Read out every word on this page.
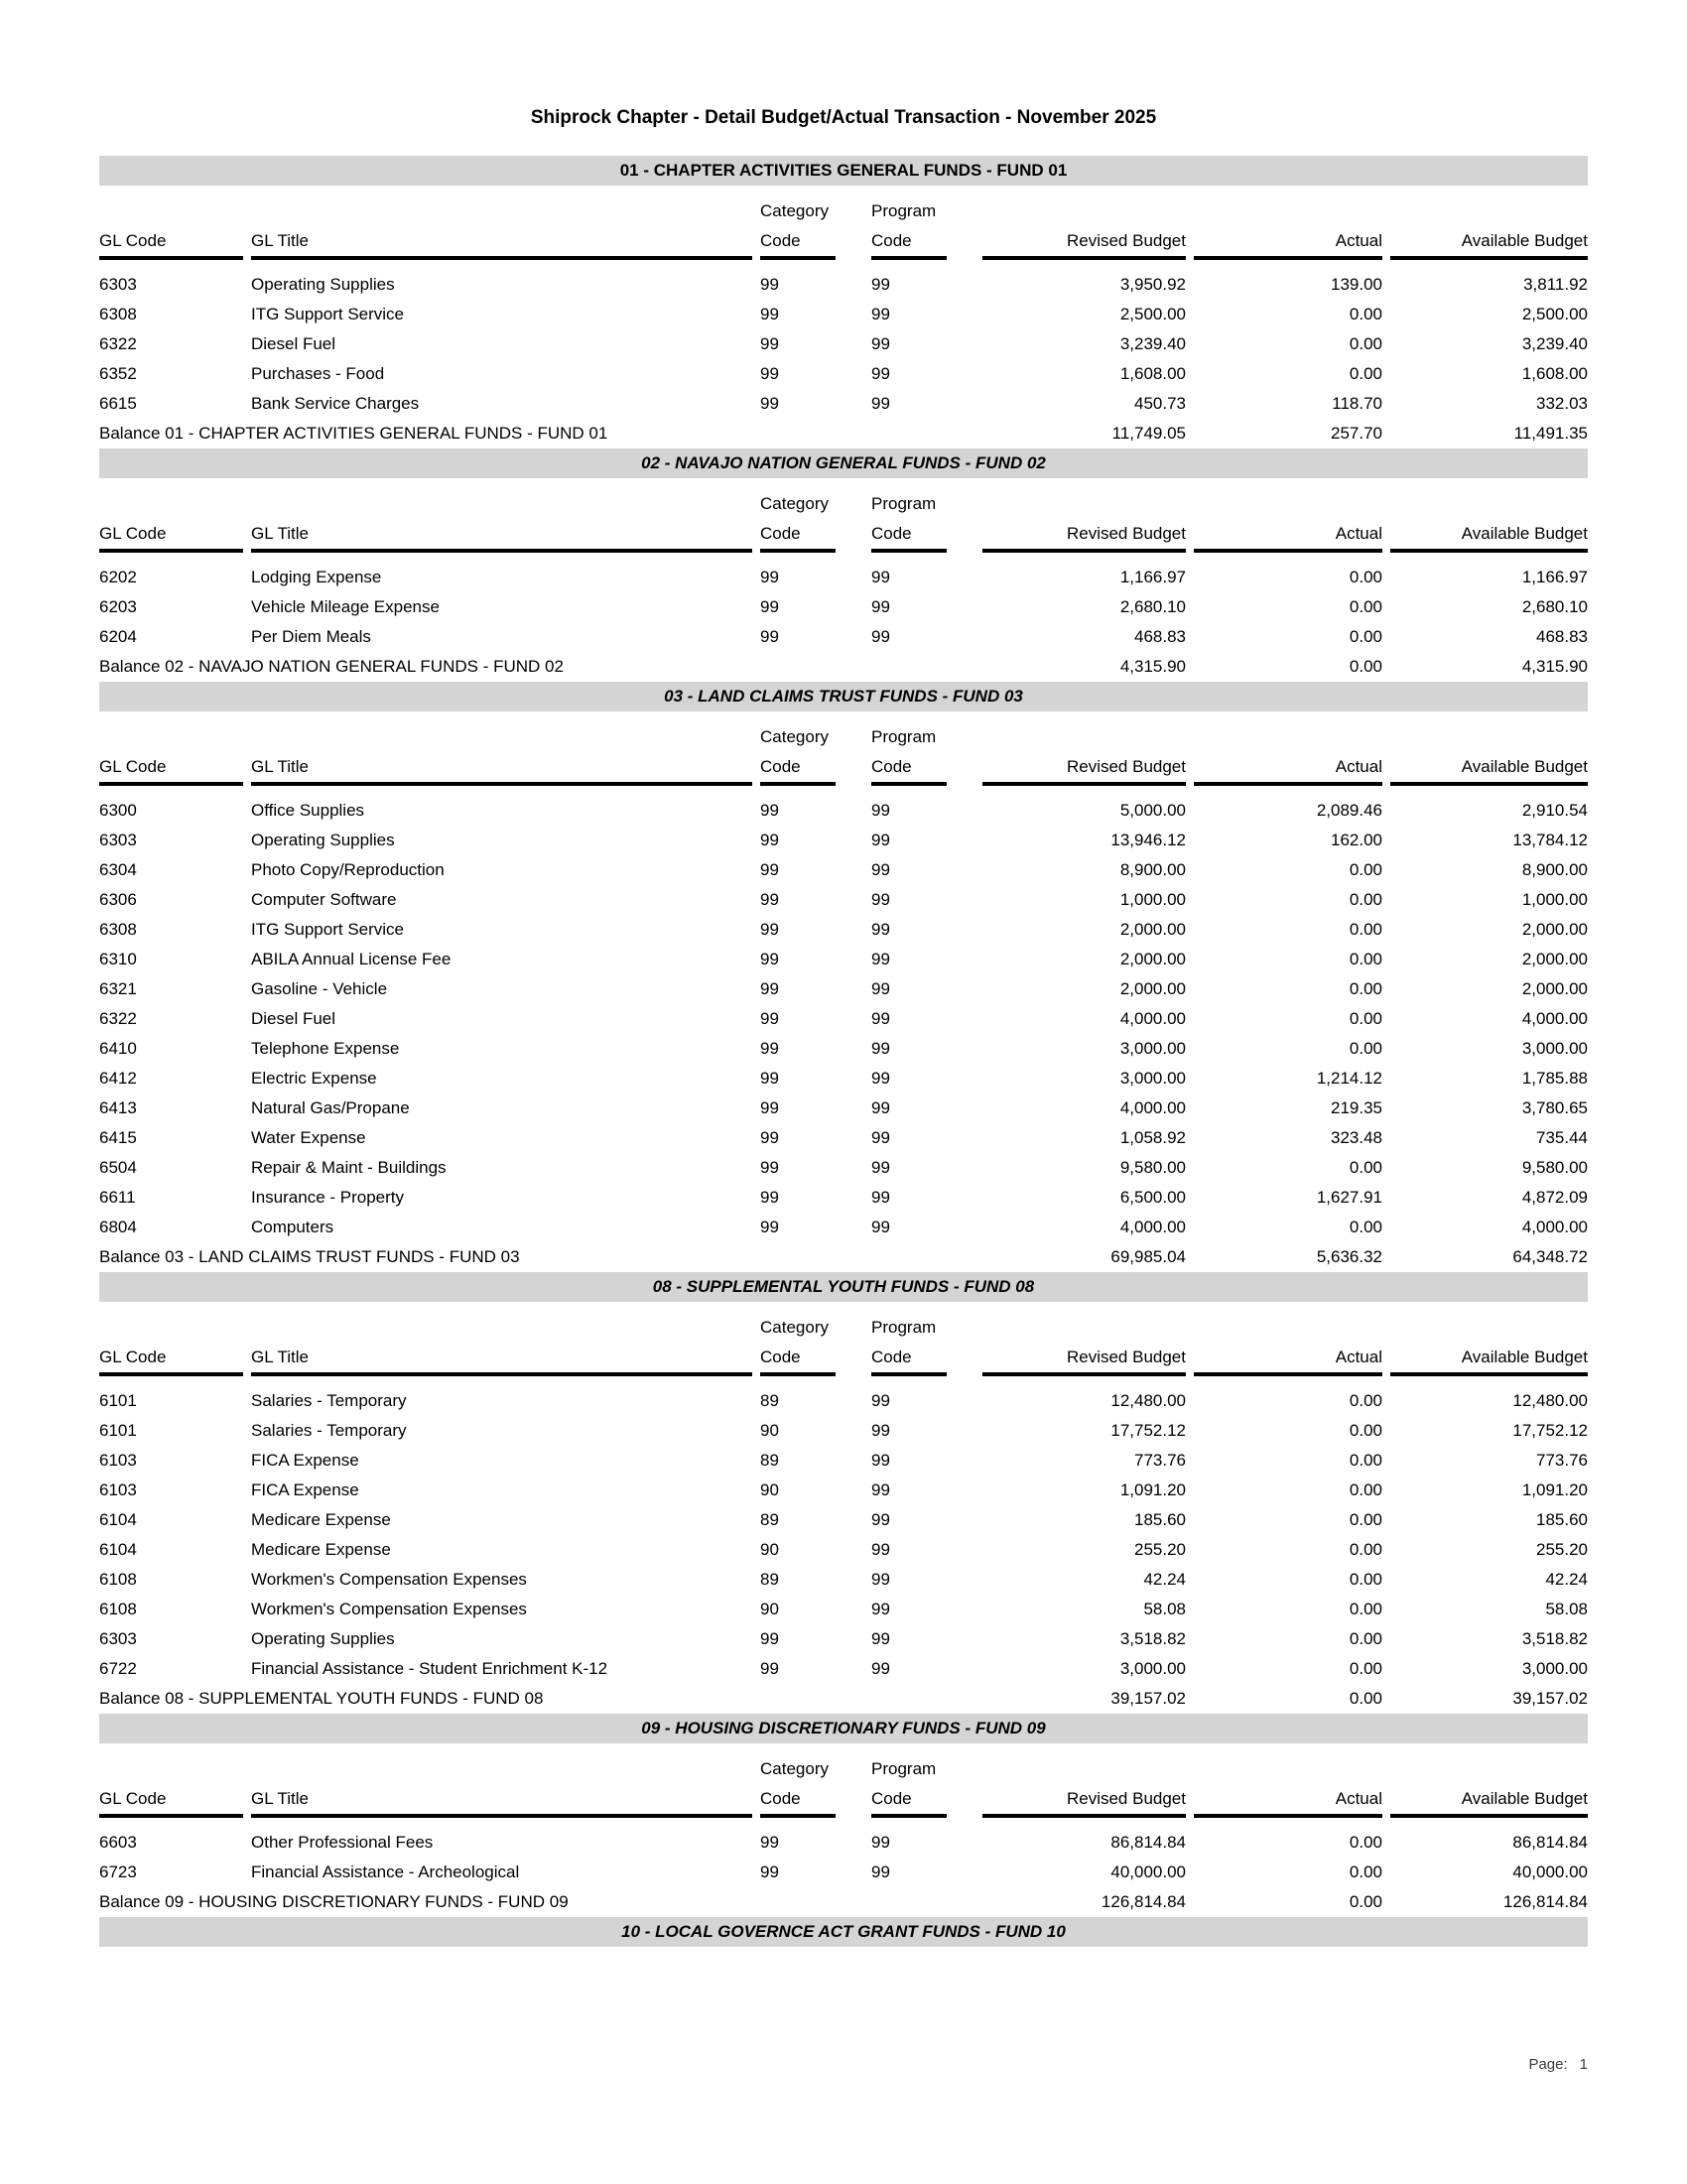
Shiprock Chapter - Detail Budget/Actual Transaction - November 2025
01 - CHAPTER ACTIVITIES GENERAL FUNDS - FUND 01
Category	Program
GL Code	GL Title	Code	Code	Revised Budget	Actual	Available Budget
6303	Operating Supplies	99	99	3,950.92	139.00	3,811.92
6308	ITG Support Service	99	99	2,500.00	0.00	2,500.00
6322	Diesel Fuel	99	99	3,239.40	0.00	3,239.40
6352	Purchases - Food	99	99	1,608.00	0.00	1,608.00
6615	Bank Service Charges	99	99	450.73	118.70	332.03
Balance 01 - CHAPTER ACTIVITIES GENERAL FUNDS - FUND 01	11,749.05	257.70	11,491.35
02 - NAVAJO NATION GENERAL FUNDS - FUND 02
Category	Program
GL Code	GL Title	Code	Code	Revised Budget	Actual	Available Budget
6202	Lodging Expense	99	99	1,166.97	0.00	1,166.97
6203	Vehicle Mileage Expense	99	99	2,680.10	0.00	2,680.10
6204	Per Diem Meals	99	99	468.83	0.00	468.83
Balance 02 - NAVAJO NATION GENERAL FUNDS - FUND 02	4,315.90	0.00	4,315.90
03 - LAND CLAIMS TRUST FUNDS - FUND 03
Category	Program
GL Code	GL Title	Code	Code	Revised Budget	Actual	Available Budget
6300	Office Supplies	99	99	5,000.00	2,089.46	2,910.54
6303	Operating Supplies	99	99	13,946.12	162.00	13,784.12
6304	Photo Copy/Reproduction	99	99	8,900.00	0.00	8,900.00
6306	Computer Software	99	99	1,000.00	0.00	1,000.00
6308	ITG Support Service	99	99	2,000.00	0.00	2,000.00
6310	ABILA Annual License Fee	99	99	2,000.00	0.00	2,000.00
6321	Gasoline - Vehicle	99	99	2,000.00	0.00	2,000.00
6322	Diesel Fuel	99	99	4,000.00	0.00	4,000.00
6410	Telephone Expense	99	99	3,000.00	0.00	3,000.00
6412	Electric Expense	99	99	3,000.00	1,214.12	1,785.88
6413	Natural Gas/Propane	99	99	4,000.00	219.35	3,780.65
6415	Water Expense	99	99	1,058.92	323.48	735.44
6504	Repair & Maint - Buildings	99	99	9,580.00	0.00	9,580.00
6611	Insurance - Property	99	99	6,500.00	1,627.91	4,872.09
6804	Computers	99	99	4,000.00	0.00	4,000.00
Balance 03 - LAND CLAIMS TRUST FUNDS - FUND 03	69,985.04	5,636.32	64,348.72
08 - SUPPLEMENTAL YOUTH FUNDS - FUND 08
Category	Program
GL Code	GL Title	Code	Code	Revised Budget	Actual	Available Budget
6101	Salaries - Temporary	89	99	12,480.00	0.00	12,480.00
6101	Salaries - Temporary	90	99	17,752.12	0.00	17,752.12
6103	FICA Expense	89	99	773.76	0.00	773.76
6103	FICA Expense	90	99	1,091.20	0.00	1,091.20
6104	Medicare Expense	89	99	185.60	0.00	185.60
6104	Medicare Expense	90	99	255.20	0.00	255.20
6108	Workmen's Compensation Expenses	89	99	42.24	0.00	42.24
6108	Workmen's Compensation Expenses	90	99	58.08	0.00	58.08
6303	Operating Supplies	99	99	3,518.82	0.00	3,518.82
6722	Financial Assistance - Student Enrichment K-12	99	99	3,000.00	0.00	3,000.00
Balance 08 - SUPPLEMENTAL YOUTH FUNDS - FUND 08	39,157.02	0.00	39,157.02
09 - HOUSING DISCRETIONARY FUNDS - FUND 09
Category	Program
GL Code	GL Title	Code	Code	Revised Budget	Actual	Available Budget
6603	Other Professional Fees	99	99	86,814.84	0.00	86,814.84
6723	Financial Assistance - Archeological	99	99	40,000.00	0.00	40,000.00
Balance 09 - HOUSING DISCRETIONARY FUNDS - FUND 09	126,814.84	0.00	126,814.84
10 - LOCAL GOVERNCE ACT GRANT FUNDS - FUND 10
Page: 1
